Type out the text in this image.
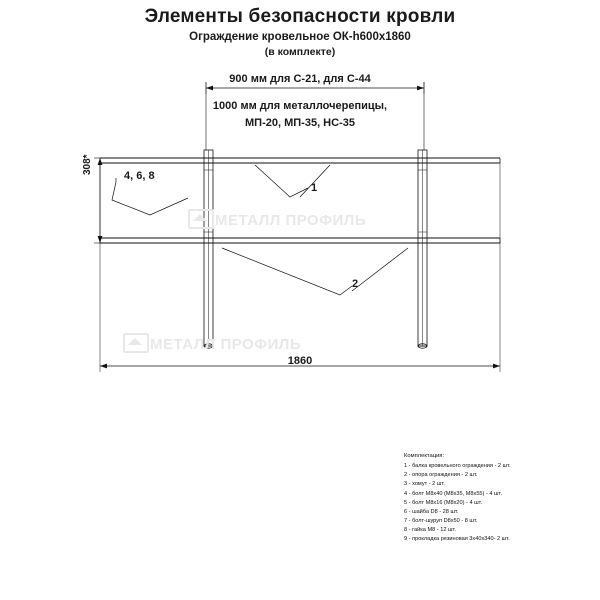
Элементы безопасности кровли
Ограждение кровельное ОК-h600х1860
(в комплекте)
900 мм для С-21, для С-44
1000 мм для металлочерепицы,
МП-20, МП-35, НС-35
308*
4, 6, 8
1
2
1860
МЕТАЛЛ ПРОФИЛЬ
МЕТАЛЛ ПРОФИЛЬ
Комплектация:
1 - балка кровельного ограждения - 2 шт.
2 - опора ограждения - 2 шт.
3 - хомут - 2 шт.
4 - болт М8х40 (М8х35, М8х55) - 4 шт.
5 - болт М8х16 (М8х20) - 4 шт.
6 - шайба D8 - 28 шт.
7 - болт-шуруп D8х50 - 8 шт.
8 - гайка М8 - 12 шт.
9 - прокладка резиновая 3х40х340- 2 шт.
